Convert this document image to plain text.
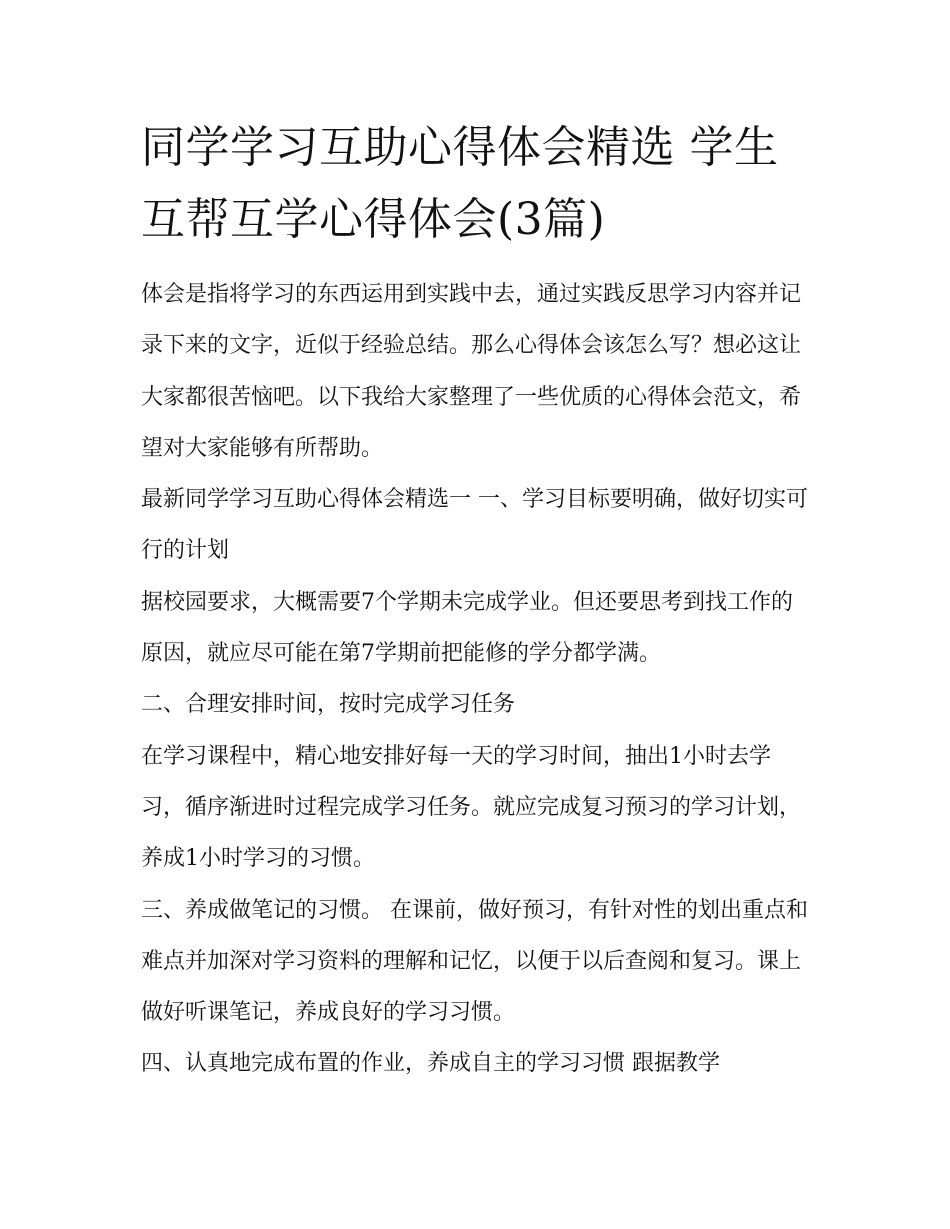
同学学习互助心得体会精选 学生互帮互学心得体会(3篇)

体会是指将学习的东西运用到实践中去，通过实践反思学习内容并记录下来的文字，近似于经验总结。那么心得体会该怎么写？想必这让大家都很苦恼吧。以下我给大家整理了一些优质的心得体会范文，希望对大家能够有所帮助。

最新同学学习互助心得体会精选一 一、学习目标要明确，做好切实可行的计划

据校园要求，大概需要7个学期未完成学业。但还要思考到找工作的原因，就应尽可能在第7学期前把能修的学分都学满。

二、合理安排时间，按时完成学习任务

在学习课程中，精心地安排好每一天的学习时间，抽出1小时去学习，循序渐进时过程完成学习任务。就应完成复习预习的学习计划，养成1小时学习的习惯。

三、养成做笔记的习惯。 在课前，做好预习，有针对性的划出重点和难点并加深对学习资料的理解和记忆，以便于以后查阅和复习。课上做好听课笔记，养成良好的学习习惯。

四、认真地完成布置的作业，养成自主的学习习惯 跟据教学
